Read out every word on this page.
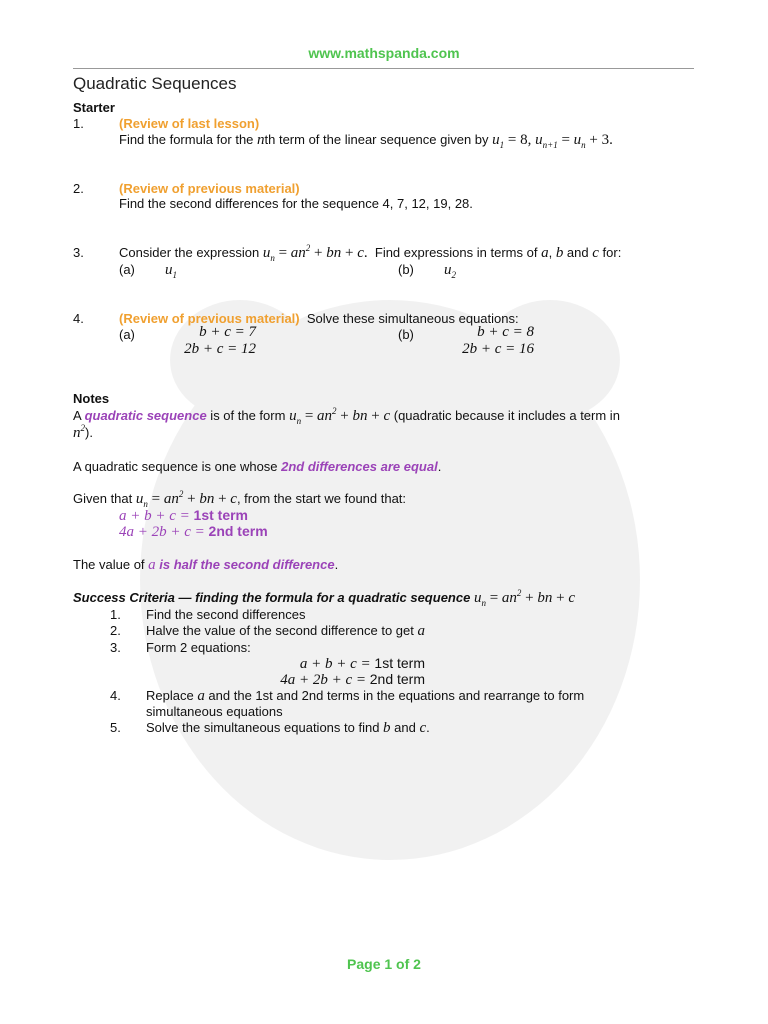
www.mathspanda.com
Quadratic Sequences
Starter
1.	(Review of last lesson)
Find the formula for the nth term of the linear sequence given by $u_1 = 8$, $u_{n+1} = u_n + 3$.
2.	(Review of previous material)
Find the second differences for the sequence 4, 7, 12, 19, 28.
3.	Consider the expression $u_n = an^2$ + bn + c. Find expressions in terms of a, b and c for:
(a) $u_1$	(b) $u_2$
4.	(Review of previous material) Solve these simultaneous equations:
(a)	b + c = 7
2b + c = 12
(b)	b + c = 8
2b + c = 16
Notes
A quadratic sequence is of the form $u_n = an^2$ + bn + c (quadratic because it includes a term in
$n^2$).
A quadratic sequence is one whose 2nd differences are equal.
Given that $u_n = an^2$ + bn + c, from the start we found that:
a + b + c = 1st term
4a + 2b + c = 2nd term
The value of a is half the second difference.
Success Criteria — finding the formula for a quadratic sequence $u_n = an^2$ + bn + c
1. Find the second differences
2. Halve the value of the second difference to get a
3. Form 2 equations:
a + b + c = 1st term
4a + 2b + c = 2nd term
4. Replace a and the 1st and 2nd terms in the equations and rearrange to form
simultaneous equations
5. Solve the simultaneous equations to find b and c.
Page 1 of 2
